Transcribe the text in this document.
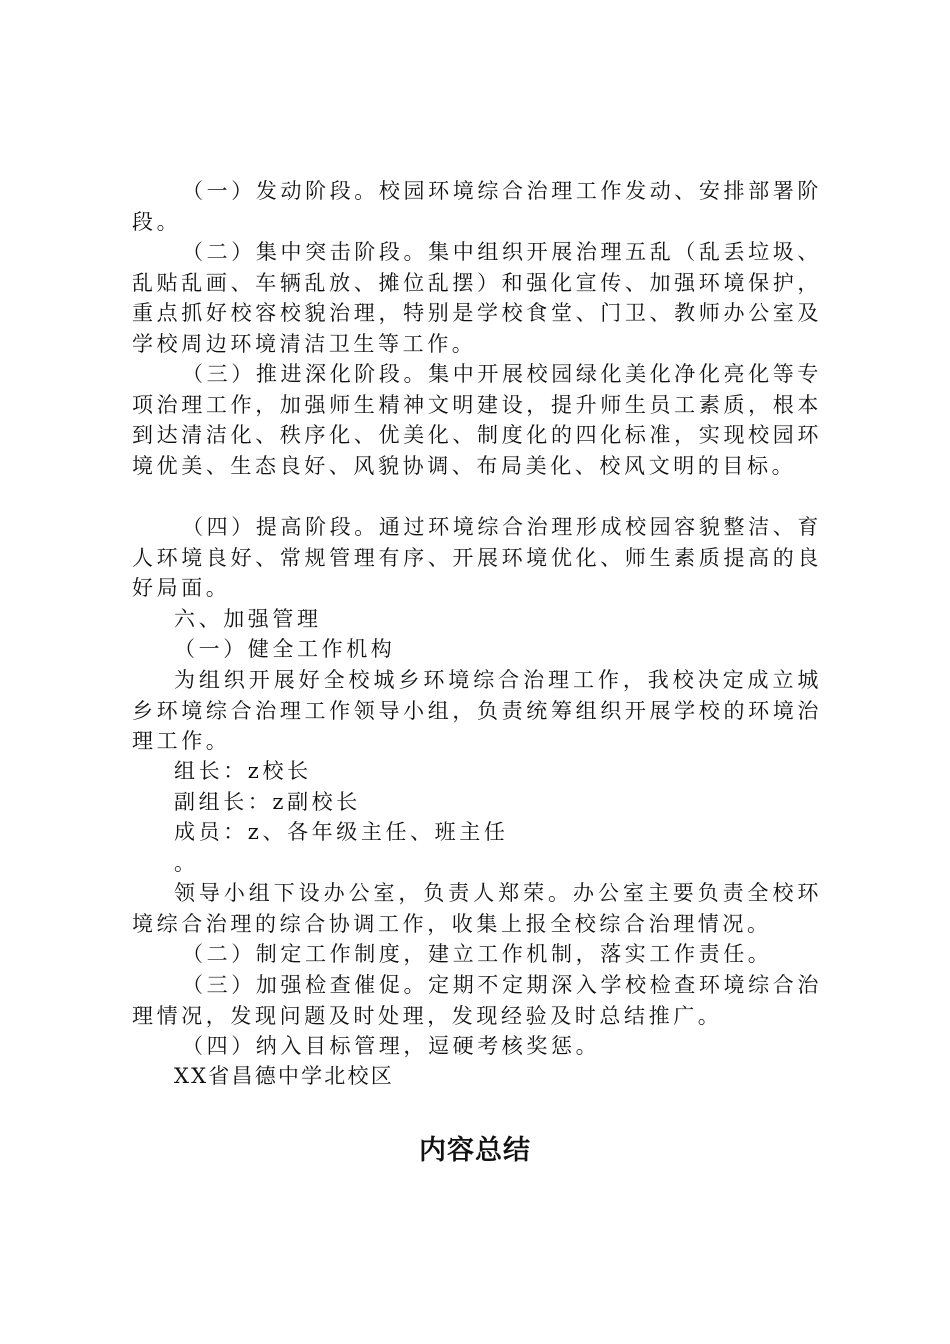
（一）发动阶段。校园环境综合治理工作发动、安排部署阶段。

（二）集中突击阶段。集中组织开展治理五乱（乱丢垃圾、乱贴乱画、车辆乱放、摊位乱摆）和强化宣传、加强环境保护，重点抓好校容校貌治理，特别是学校食堂、门卫、教师办公室及学校周边环境清洁卫生等工作。

（三）推进深化阶段。集中开展校园绿化美化净化亮化等专项治理工作，加强师生精神文明建设，提升师生员工素质，根本到达清洁化、秩序化、优美化、制度化的四化标准，实现校园环境优美、生态良好、风貌协调、布局美化、校风文明的目标。

（四）提高阶段。通过环境综合治理形成校园容貌整洁、育人环境良好、常规管理有序、开展环境优化、师生素质提高的良好局面。

六、加强管理

（一）健全工作机构

为组织开展好全校城乡环境综合治理工作，我校决定成立城乡环境综合治理工作领导小组，负责统筹组织开展学校的环境治理工作。

组长：z校长

副组长：z副校长

成员：z、各年级主任、班主任

。

领导小组下设办公室，负责人郑荣。办公室主要负责全校环境综合治理的综合协调工作，收集上报全校综合治理情况。

（二）制定工作制度，建立工作机制，落实工作责任。

（三）加强检查催促。定期不定期深入学校检查环境综合治理情况，发现问题及时处理，发现经验及时总结推广。

（四）纳入目标管理，逗硬考核奖惩。

XX省昌德中学北校区

内容总结
